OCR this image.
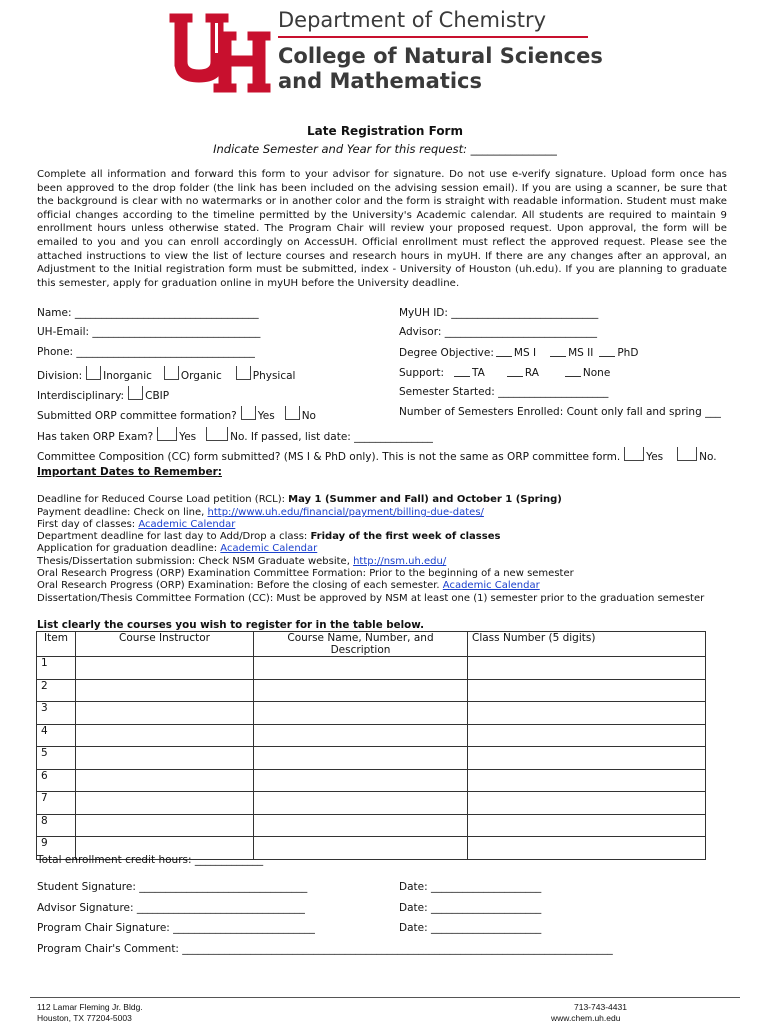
Department of Chemistry
College of Natural Sciences
and Mathematics
Late Registration Form
Indicate Semester and Year for this request: _______________
Complete all information and forward this form to your advisor for signature. Do not use e-verify signature. Upload form once has been approved to the drop folder (the link has been included on the advising session email). If you are using a scanner, be sure that the background is clear with no watermarks or in another color and the form is straight with readable information. Student must make official changes according to the timeline permitted by the University's Academic calendar. All students are required to maintain 9 enrollment hours unless otherwise stated. The Program Chair will review your proposed request. Upon approval, the form will be emailed to you and you can enroll accordingly on AccessUH. Official enrollment must reflect the approved request. Please see the attached instructions to view the list of lecture courses and research hours in myUH. If there are any changes after an approval, an Adjustment to the Initial registration form must be submitted, index - University of Houston (uh.edu). If you are planning to graduate this semester, apply for graduation online in myUH before the University deadline.
Name: ___________________________________	MyUH ID: ____________________________
UH-Email: ________________________________	Advisor: _____________________________
Phone: __________________________________	Degree Objective: MS I	MS II PhD
Division: Inorganic	Organic	Physical	Support:	TA	RA	None
Interdisciplinary: CBIP	Semester Started: _____________________
Submitted ORP committee formation? Yes	No	Number of Semesters Enrolled: Count only fall and spring ___
Has taken ORP Exam? Yes	No. If passed, list date: _______________
Committee Composition (CC) form submitted? (MS I & PhD only). This is not the same as ORP committee form. Yes	No.
Important Dates to Remember:
Deadline for Reduced Course Load petition (RCL): May 1 (Summer and Fall) and October 1 (Spring)
Payment deadline: Check on line, http://www.uh.edu/financial/payment/billing-due-dates/
First day of classes: Academic Calendar
Department deadline for last day to Add/Drop a class: Friday of the first week of classes
Application for graduation deadline: Academic Calendar
Thesis/Dissertation submission: Check NSM Graduate website, http://nsm.uh.edu/
Oral Research Progress (ORP) Examination Committee Formation: Prior to the beginning of a new semester
Oral Research Progress (ORP) Examination: Before the closing of each semester. Academic Calendar
Dissertation/Thesis Committee Formation (CC): Must be approved by NSM at least one (1) semester prior to the graduation semester
List clearly the courses you wish to register for in the table below.
Item	Course Instructor	Course Name, Number, and Description	Class Number (5 digits)
1			
2			
3			
4			
5			
6			
7			
8			
9			
Total enrollment credit hours: _____________
Student Signature: ________________________________	Date: _____________________
Advisor Signature: ________________________________	Date: _____________________
Program Chair Signature: ___________________________	Date: _____________________
Program Chair's Comment: __________________________________________________________________________________
112 Lamar Fleming Jr. Bldg.
Houston, TX 77204-5003
713-743-4431
www.chem.uh.edu
